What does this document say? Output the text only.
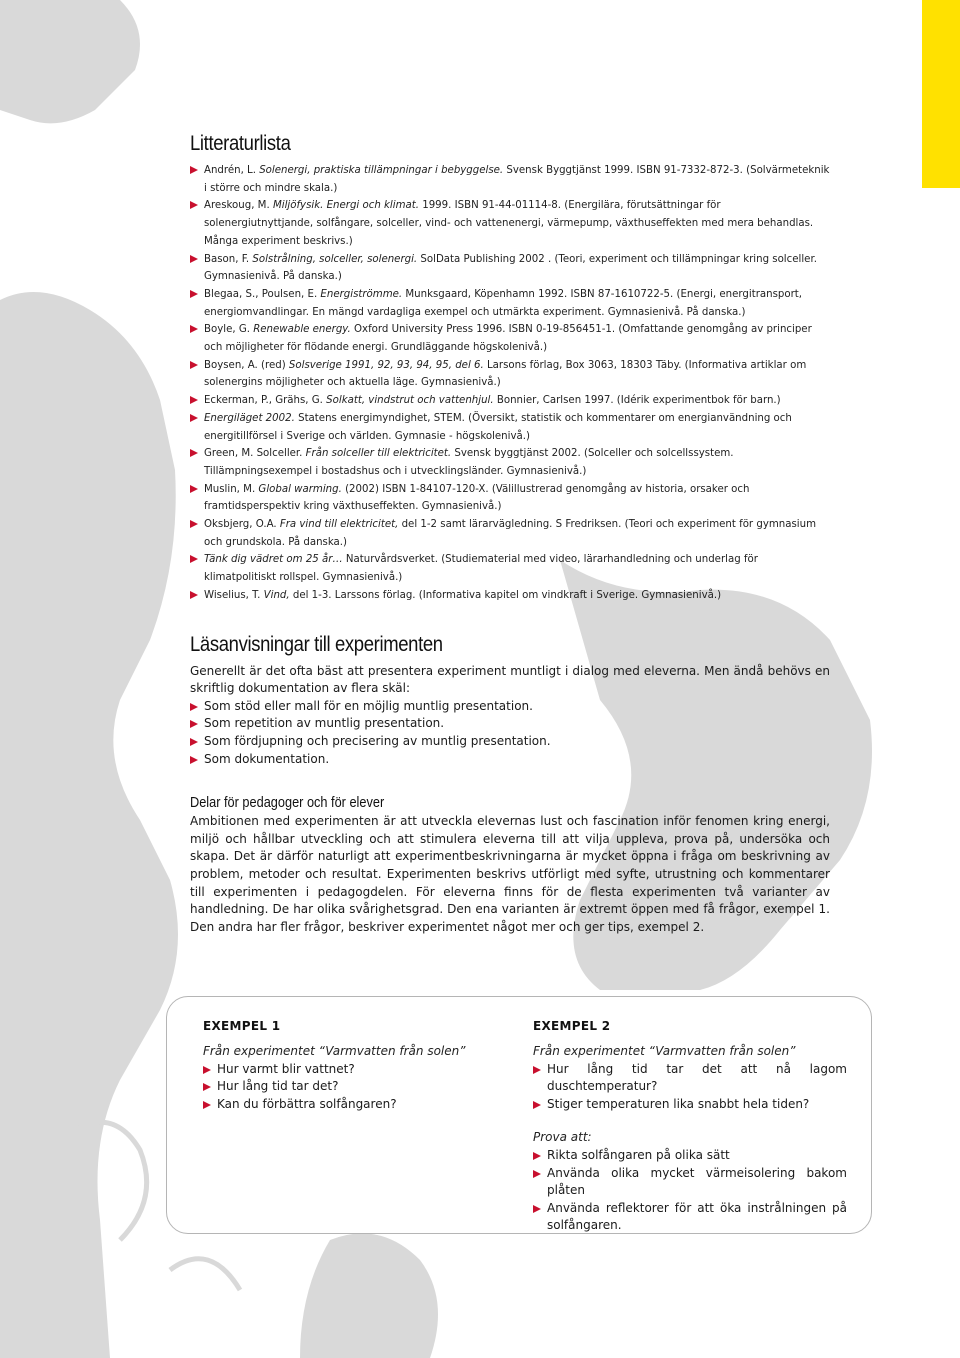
Litteraturlista
Andrén, L. Solenergi, praktiska tillämpningar i bebyggelse. Svensk Byggtjänst 1999. ISBN 91-7332-872-3. (Solvärmeteknik i större och mindre skala.)
Areskoug, M. Miljöfysik. Energi och klimat. 1999. ISBN 91-44-01114-8. (Energilära, förutsättningar för solenergiutnyttjande, solfångare, solceller, vind- och vattenenergi, värmepump, växthuseffekten med mera behandlas. Många experiment beskrivs.)
Bason, F. Solstrålning, solceller, solenergi. SolData Publishing 2002 . (Teori, experiment och tillämpningar kring solceller. Gymnasienivå. På danska.)
Blegaa, S., Poulsen, E. Energiströmme. Munksgaard, Köpenhamn 1992. ISBN 87-1610722-5. (Energi, energitransport, energiomvandlingar. En mängd vardagliga exempel och utmärkta experiment. Gymnasienivå. På danska.)
Boyle, G. Renewable energy. Oxford University Press 1996. ISBN 0-19-856451-1. (Omfattande genomgång av principer och möjligheter för flödande energi. Grundläggande högskolenivå.)
Boysen, A. (red) Solsverige 1991, 92, 93, 94, 95, del 6. Larsons förlag, Box 3063, 18303 Täby. (Informativa artiklar om solenergins möjligheter och aktuella läge. Gymnasienivå.)
Eckerman, P., Grähs, G. Solkatt, vindstrut och vattenhjul. Bonnier, Carlsen 1997. (Idérik experimentbok för barn.)
Energiläget 2002. Statens energimyndighet, STEM. (Översikt, statistik och kommentarer om energianvändning och energitillförsel i Sverige och världen. Gymnasie - högskolenivå.)
Green, M. Solceller. Från solceller till elektricitet. Svensk byggtjänst 2002. (Solceller och solcellssystem. Tillämpningsexempel i bostadshus och i utvecklingsländer. Gymnasienivå.)
Muslin, M. Global warming. (2002) ISBN 1-84107-120-X. (Välillustrerad genomgång av historia, orsaker och framtidsperspektiv kring växthuseffekten. Gymnasienivå.)
Oksbjerg, O.A. Fra vind till elektricitet, del 1-2 samt lärarvägledning. S Fredriksen. (Teori och experiment för gymnasium och grundskola. På danska.)
Tänk dig vädret om 25 år… Naturvårdsverket. (Studiematerial med video, lärarhandledning och underlag för klimatpolitiskt rollspel. Gymnasienivå.)
Wiselius, T. Vind, del 1-3. Larssons förlag. (Informativa kapitel om vindkraft i Sverige. Gymnasienivå.)
Läsanvisningar till experimenten

Generellt är det ofta bäst att presentera experiment muntligt i dialog med eleverna. Men ändå behövs en skriftlig dokumentation av flera skäl:

Som stöd eller mall för en möjlig muntlig presentation.
Som repetition av muntlig presentation.
Som fördjupning och precisering av muntlig presentation.
Som dokumentation.
Delar för pedagoger och för elever

Ambitionen med experimenten är att utveckla elevernas lust och fascination inför fenomen kring energi, miljö och hållbar utveckling och att stimulera eleverna till att vilja uppleva, prova på, undersöka och skapa. Det är därför naturligt att experimentbeskrivningarna är mycket öppna i fråga om beskrivning av problem, metoder och resultat. Experimenten beskrivs utförligt med syfte, utrustning och kommentarer till experimenten i pedagogdelen. För eleverna finns för de flesta experimenten två varianter av handledning. De har olika svårighetsgrad. Den ena varianten är extremt öppen med få frågor, exempel 1. Den andra har fler frågor, beskriver experimentet något mer och ger tips, exempel 2.

EXEMPEL 1
Från experimentet “Varmvatten från solen”
Hur varmt blir vattnet?
Hur lång tid tar det?
Kan du förbättra solfångaren?
EXEMPEL 2
Från experimentet “Varmvatten från solen”
Hur lång tid tar det att nå lagom duschtemperatur?
Stiger temperaturen lika snabbt hela tiden?
Prova att:
Rikta solfångaren på olika sätt
Använda olika mycket värmeisolering bakom plåten
Använda reflektorer för att öka instrålningen på solfångaren.
